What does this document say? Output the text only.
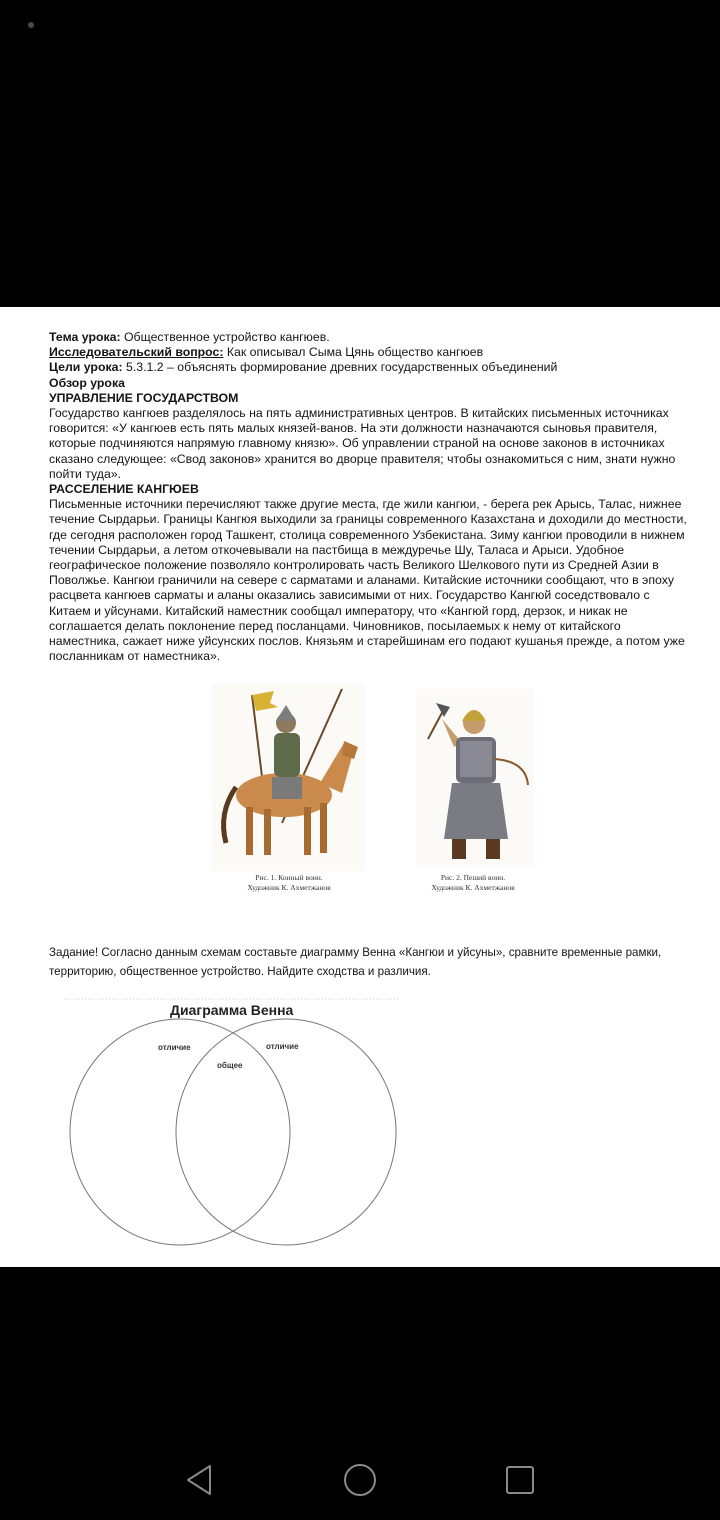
Тема урока: Общественное устройство кангюев.

Исследовательский вопрос: Как описывал Сыма Цянь общество кангюев

Цели урока: 5.3.1.2 – объяснять формирование древних государственных объединений

Обзор урока

УПРАВЛЕНИЕ ГОСУДАРСТВОМ

Государство кангюев разделялось на пять административных центров. В китайских письменных источниках говорится: «У кангюев есть пять малых князей-ванов. На эти должности назначаются сыновья правителя, которые подчиняются напрямую главному князю». Об управлении страной на основе законов в источниках сказано следующее: «Свод законов» хранится во дворце правителя; чтобы ознакомиться с ним, знати нужно пойти туда».

РАССЕЛЕНИЕ КАНГЮЕВ

Письменные источники перечисляют также другие места, где жили кангюи, - берега рек Арысь, Талас, нижнее течение Сырдарьи. Границы Кангюя выходили за границы современного Казахстана и доходили до местности, где сегодня расположен город Ташкент, столица современного Узбекистана. Зиму кангюи проводили в нижнем течении Сырдарьи, а летом откочевывали на пастбища в междуречье Шу, Таласа и Арыси. Удобное географическое положение позволяло контролировать часть Великого Шелкового пути из Средней Азии в Поволжье. Кангюи граничили на севере с сарматами и аланами. Китайские источники сообщают, что в эпоху расцвета кангюев сарматы и аланы оказались зависимыми от них. Государство Кангюй соседствовало с Китаем и уйсунами. Китайский наместник сообщал императору, что «Кангюй горд, дерзок, и никак не соглашается делать поклонение перед посланцами. Чиновников, посылаемых к нему от китайского наместника, сажает ниже уйсунских послов. Князьям и старейшинам его подают кушанья прежде, а потом уже посланникам от наместника».

Рис. 1. Конный воин.
Художник К. Ахметжанов
Рис. 2. Пеший воин.
Художник К. Ахметжанов
Задание! Согласно данным схемам составьте диаграмму Венна «Кангюи и уйсуны», сравните временные рамки, территорию, общественное устройство. Найдите сходства и различия.
Диаграмма Венна
отличие
общее
отличие
